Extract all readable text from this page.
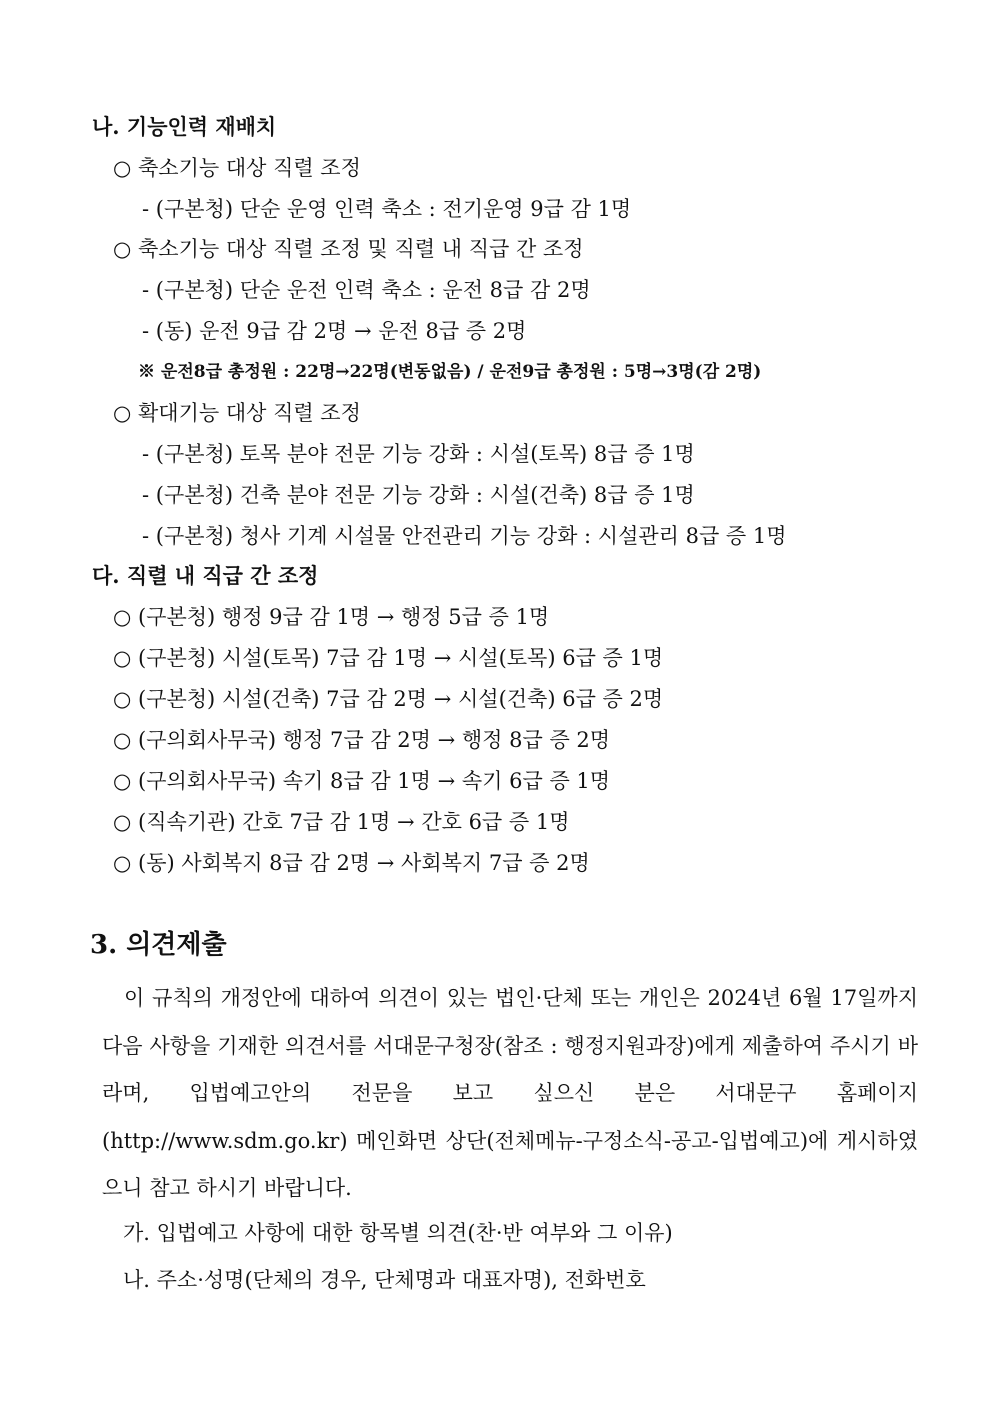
나. 기능인력 재배치
○ 축소기능 대상 직렬 조정
- (구본청) 단순 운영 인력 축소 : 전기운영 9급 감 1명
○ 축소기능 대상 직렬 조정 및 직렬 내 직급 간 조정
- (구본청) 단순 운전 인력 축소 : 운전 8급 감 2명
- (동) 운전 9급 감 2명 → 운전 8급 증 2명
※ 운전8급 총정원 : 22명→22명(변동없음) / 운전9급 총정원 : 5명→3명(감 2명)
○ 확대기능 대상 직렬 조정
- (구본청) 토목 분야 전문 기능 강화 : 시설(토목) 8급 증 1명
- (구본청) 건축 분야 전문 기능 강화 : 시설(건축) 8급 증 1명
- (구본청) 청사 기계 시설물 안전관리 기능 강화 : 시설관리 8급 증 1명
다. 직렬 내 직급 간 조정
○ (구본청) 행정 9급 감 1명 → 행정 5급 증 1명
○ (구본청) 시설(토목) 7급 감 1명 → 시설(토목) 6급 증 1명
○ (구본청) 시설(건축) 7급 감 2명 → 시설(건축) 6급 증 2명
○ (구의회사무국) 행정 7급 감 2명 → 행정 8급 증 2명
○ (구의회사무국) 속기 8급 감 1명 → 속기 6급 증 1명
○ (직속기관) 간호 7급 감 1명 → 간호 6급 증 1명
○ (동) 사회복지 8급 감 2명 → 사회복지 7급 증 2명
3. 의견제출
이 규칙의 개정안에 대하여 의견이 있는 법인·단체 또는 개인은 2024년 6월 17일까지 다음 사항을 기재한 의견서를 서대문구청장(참조 : 행정지원과장)에게 제출하여 주시기 바라며, 입법예고안의 전문을 보고 싶으신 분은 서대문구 홈페이지(http://www.sdm.go.kr) 메인화면 상단(전체메뉴-구정소식-공고-입법예고)에 게시하였으니 참고 하시기 바랍니다.
가. 입법예고 사항에 대한 항목별 의견(찬·반 여부와 그 이유)
나. 주소·성명(단체의 경우, 단체명과 대표자명), 전화번호
